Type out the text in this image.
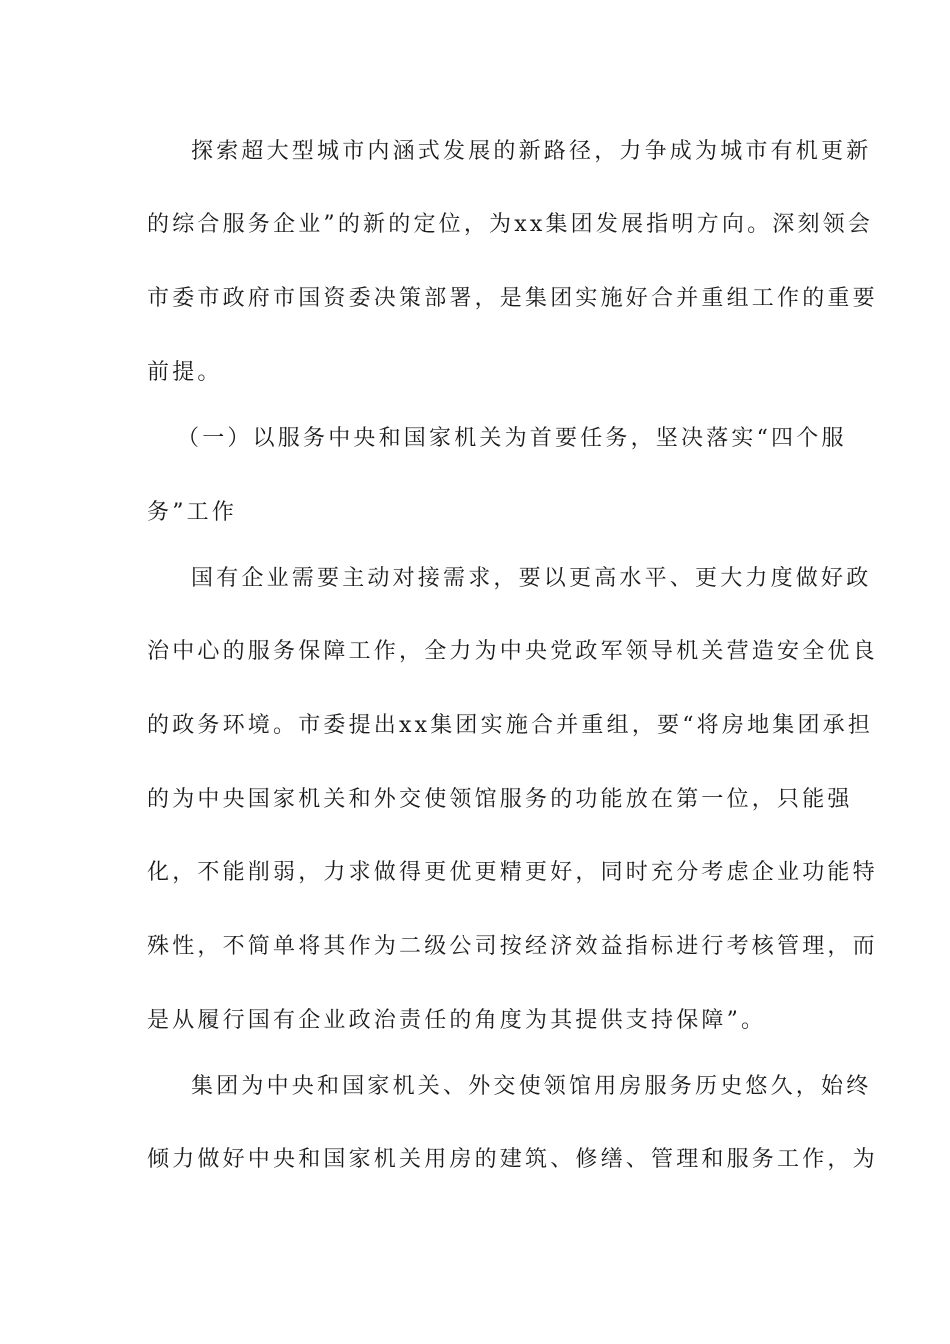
探索超大型城市内涵式发展的新路径，力争成为城市有机更新
的综合服务企业”的新的定位，为xx集团发展指明方向。深刻领会
市委市政府市国资委决策部署，是集团实施好合并重组工作的重要
前提。
（一）以服务中央和国家机关为首要任务，坚决落实“四个服
务”工作
国有企业需要主动对接需求，要以更高水平、更大力度做好政
治中心的服务保障工作，全力为中央党政军领导机关营造安全优良
的政务环境。市委提出xx集团实施合并重组，要“将房地集团承担
的为中央国家机关和外交使领馆服务的功能放在第一位，只能强
化，不能削弱，力求做得更优更精更好，同时充分考虑企业功能特
殊性，不简单将其作为二级公司按经济效益指标进行考核管理，而
是从履行国有企业政治责任的角度为其提供支持保障”。
集团为中央和国家机关、外交使领馆用房服务历史悠久，始终
倾力做好中央和国家机关用房的建筑、修缮、管理和服务工作，为
